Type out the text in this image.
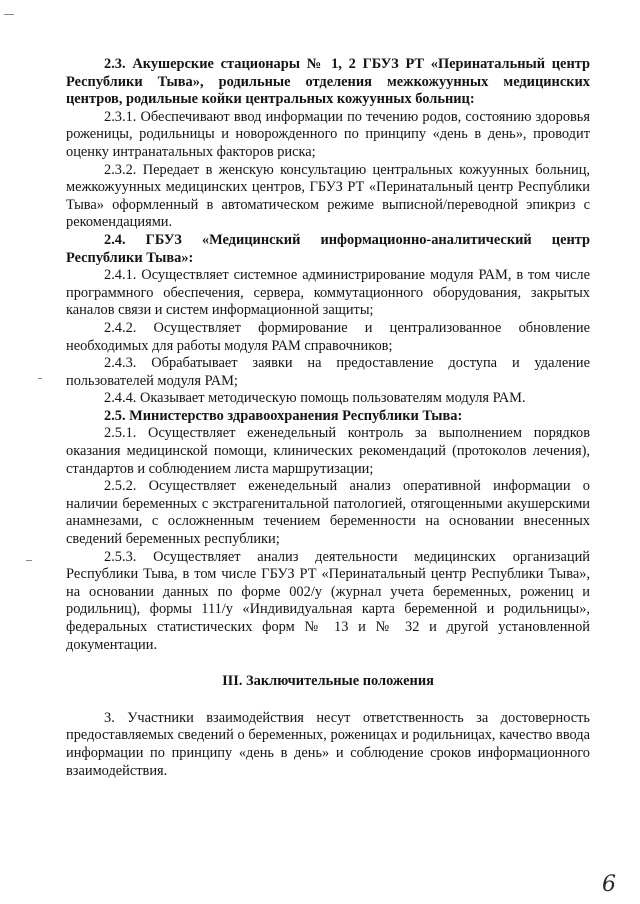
2.3. Акушерские стационары № 1, 2 ГБУЗ РТ «Перинатальный центр Республики Тыва», родильные отделения межкожуунных медицинских центров, родильные койки центральных кожуунных больниц:

2.3.1. Обеспечивают ввод информации по течению родов, состоянию здоровья роженицы, родильницы и новорожденного по принципу «день в день», проводит оценку интранатальных факторов риска;

2.3.2. Передает в женскую консультацию центральных кожуунных больниц, межкожуунных медицинских центров, ГБУЗ РТ «Перинатальный центр Республики Тыва» оформленный в автоматическом режиме выписной/переводной эпикриз с рекомендациями.

2.4. ГБУЗ «Медицинский информационно-аналитический центр Республики Тыва»:

2.4.1. Осуществляет системное администрирование модуля РАМ, в том числе программного обеспечения, сервера, коммутационного оборудования, закрытых каналов связи и систем информационной защиты;

2.4.2. Осуществляет формирование и централизованное обновление необходимых для работы модуля РАМ справочников;

2.4.3. Обрабатывает заявки на предоставление доступа и удаление пользователей модуля РАМ;

2.4.4. Оказывает методическую помощь пользователям модуля РАМ.

2.5. Министерство здравоохранения Республики Тыва:

2.5.1. Осуществляет еженедельный контроль за выполнением порядков оказания медицинской помощи, клинических рекомендаций (протоколов лечения), стандартов и соблюдением листа маршрутизации;

2.5.2. Осуществляет еженедельный анализ оперативной информации о наличии беременных с экстрагенитальной патологией, отягощенными акушерскими анамнезами, с осложненным течением беременности на основании внесенных сведений беременных республики;

2.5.3. Осуществляет анализ деятельности медицинских организаций Республики Тыва, в том числе ГБУЗ РТ «Перинатальный центр Республики Тыва», на основании данных по форме 002/у (журнал учета беременных, рожениц и родильниц), формы 111/у «Индивидуальная карта беременной и родильницы», федеральных статистических форм № 13 и № 32 и другой установленной документации.

III. Заключительные положения

3. Участники взаимодействия несут ответственность за достоверность предоставляемых сведений о беременных, роженицах и родильницах, качество ввода информации по принципу «день в день» и соблюдение сроков информационного взаимодействия.

6
